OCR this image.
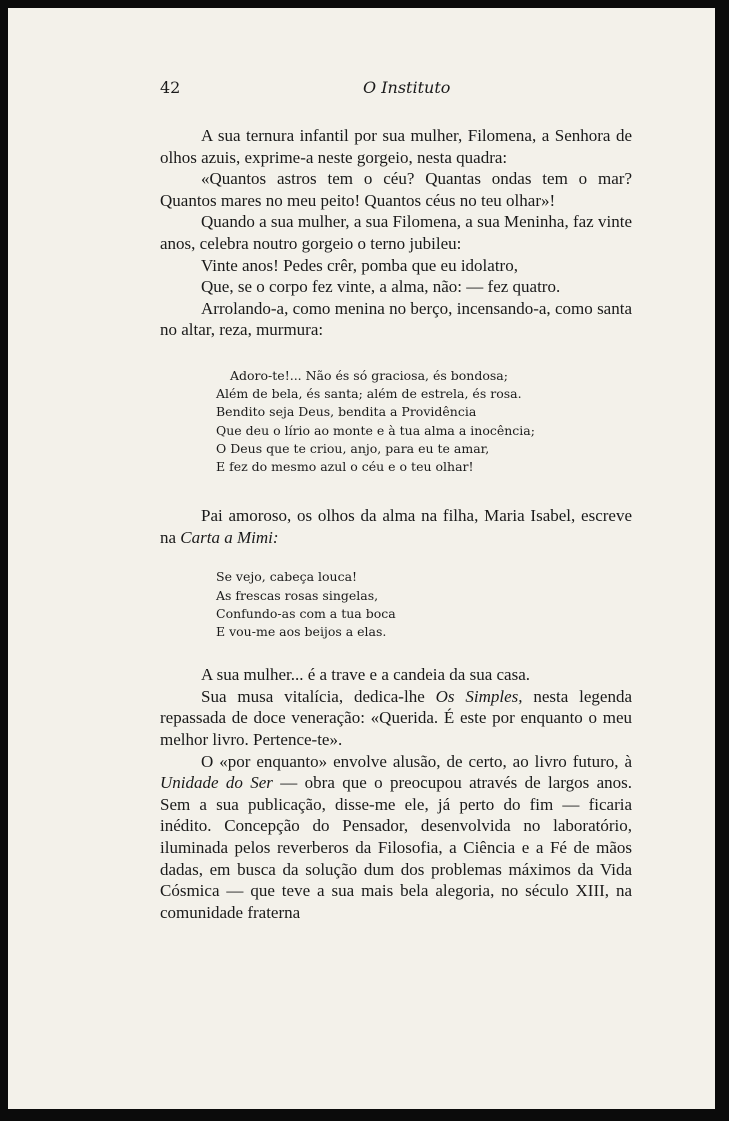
42	O Instituto

A sua ternura infantil por sua mulher, Filomena, a Senhora de olhos azuis, exprime-a neste gorgeio, nesta quadra:

«Quantos astros tem o céu? Quantas ondas tem o mar? Quantos mares no meu peito! Quantos céus no teu olhar»!

Quando a sua mulher, a sua Filomena, a sua Meninha, faz vinte anos, celebra noutro gorgeio o terno jubileu:

Vinte anos! Pedes crêr, pomba que eu idolatro,

Que, se o corpo fez vinte, a alma, não: — fez quatro.

Arrolando-a, como menina no berço, incensando-a, como santa no altar, reza, murmura:

Adoro-te!... Não és só graciosa, és bondosa;
Além de bela, és santa; além de estrela, és rosa.
Bendito seja Deus, bendita a Providência
Que deu o lírio ao monte e à tua alma a inocência;
O Deus que te criou, anjo, para eu te amar,
E fez do mesmo azul o céu e o teu olhar!

Pai amoroso, os olhos da alma na filha, Maria Isabel, escreve na Carta a Mimi:

Se vejo, cabeça louca!
As frescas rosas singelas,
Confundo-as com a tua boca
E vou-me aos beijos a elas.

A sua mulher... é a trave e a candeia da sua casa.

Sua musa vitalícia, dedica-lhe Os Simples, nesta legenda repassada de doce veneração: «Querida. É este por enquanto o meu melhor livro. Pertence-te».

O «por enquanto» envolve alusão, de certo, ao livro futuro, à Unidade do Ser — obra que o preocupou através de largos anos. Sem a sua publicação, disse-me ele, já perto do fim — ficaria inédito. Concepção do Pensador, desenvolvida no laboratório, iluminada pelos reverberos da Filosofia, a Ciência e a Fé de mãos dadas, em busca da solução dum dos problemas máximos da Vida Cósmica — que teve a sua mais bela alegoria, no século XIII, na comunidade fraterna
